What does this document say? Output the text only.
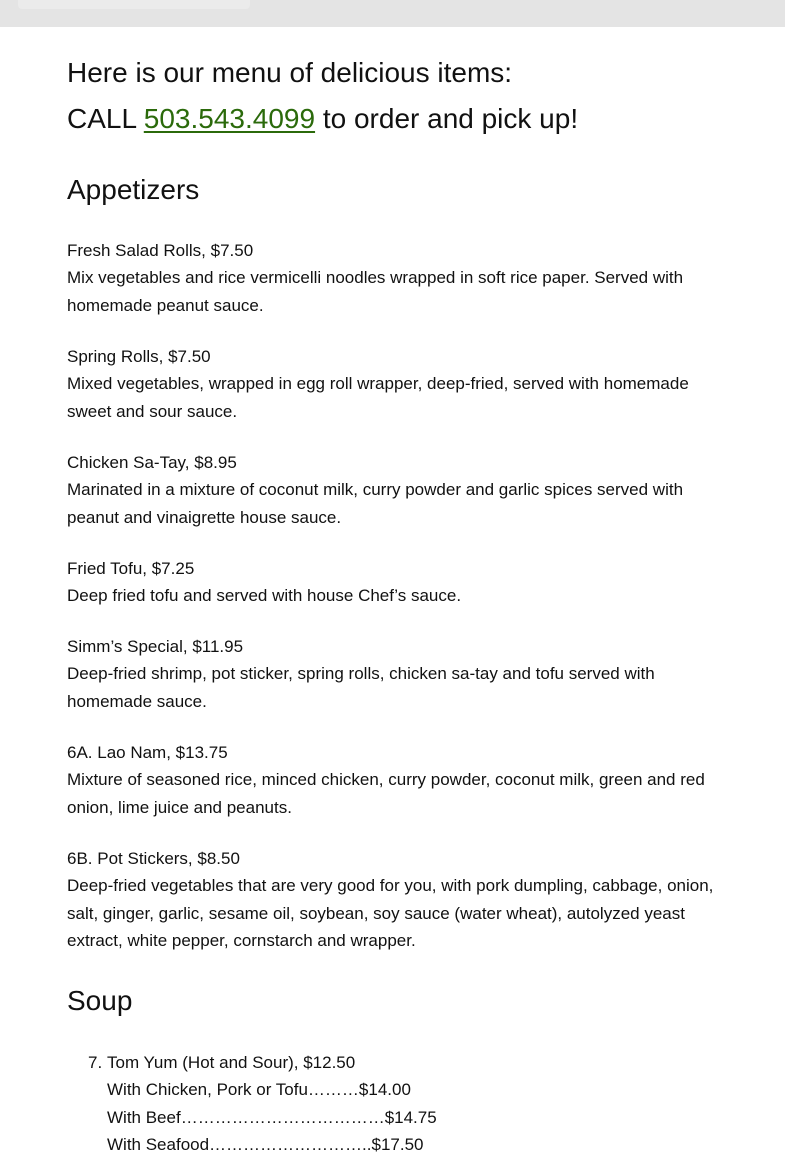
Here is our menu of delicious items:
CALL 503.543.4099 to order and pick up!
Appetizers
Fresh Salad Rolls, $7.50
Mix vegetables and rice vermicelli noodles wrapped in soft rice paper. Served with homemade peanut sauce.
Spring Rolls, $7.50
Mixed vegetables, wrapped in egg roll wrapper, deep-fried, served with homemade sweet and sour sauce.
Chicken Sa-Tay, $8.95
Marinated in a mixture of coconut milk, curry powder and garlic spices served with peanut and vinaigrette house sauce.
Fried Tofu, $7.25
Deep fried tofu and served with house Chef’s sauce.
Simm’s Special, $11.95
Deep-fried shrimp, pot sticker, spring rolls, chicken sa-tay and tofu served with homemade sauce.
6A. Lao Nam, $13.75
Mixture of seasoned rice, minced chicken, curry powder, coconut milk, green and red onion, lime juice and peanuts.
6B. Pot Stickers, $8.50
Deep-fried vegetables that are very good for you, with pork dumpling, cabbage, onion, salt, ginger, garlic, sesame oil, soybean, soy sauce (water wheat), autolyzed yeast extract, white pepper, cornstarch and wrapper.
Soup
7. Tom Yum (Hot and Sour), $12.50
With Chicken, Pork or Tofu………$14.00
With Beef………………………………$14.75
With Seafood………………………..$17.50
